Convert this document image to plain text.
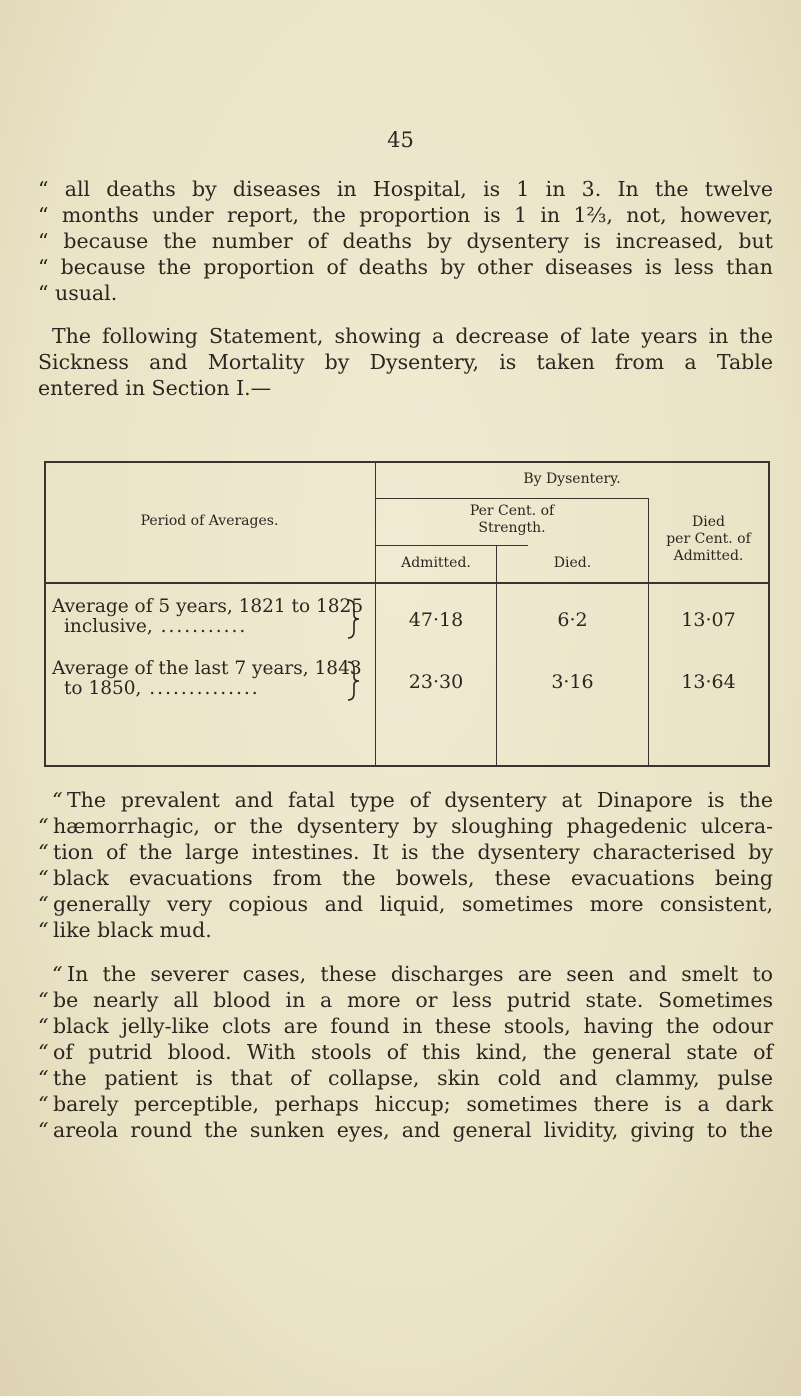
45
“ all deaths by diseases in Hospital, is 1 in 3. In the twelve
“ months under report, the proportion is 1 in 1⅔, not, however,
“ because the number of deaths by dysentery is increased, but
“ because the proportion of deaths by other diseases is less than
“ usual.
The following Statement, showing a decrease of late years in the
Sickness and Mortality by Dysentery, is taken from a Table
entered in Section I.—
Period of Averages.
By Dysentery.
Per Cent. of
Strength.
Admitted.	Died.
Died
per Cent. of
Admitted.
Average of 5 years, 1821 to 1825
inclusive, ...........	47·18	6·2	13·07
Average of the last 7 years, 1843
to 1850, ..............	23·30	3·16	13·64
“ The prevalent and fatal type of dysentery at Dinapore is the
“ hæmorrhagic, or the dysentery by sloughing phagedenic ulcera-
“ tion of the large intestines. It is the dysentery characterised by
“ black evacuations from the bowels, these evacuations being
“ generally very copious and liquid, sometimes more consistent,
“ like black mud.
“ In the severer cases, these discharges are seen and smelt to
“ be nearly all blood in a more or less putrid state. Sometimes
“ black jelly-like clots are found in these stools, having the odour
“ of putrid blood. With stools of this kind, the general state of
“ the patient is that of collapse, skin cold and clammy, pulse
“ barely perceptible, perhaps hiccup; sometimes there is a dark
“ areola round the sunken eyes, and general lividity, giving to the
